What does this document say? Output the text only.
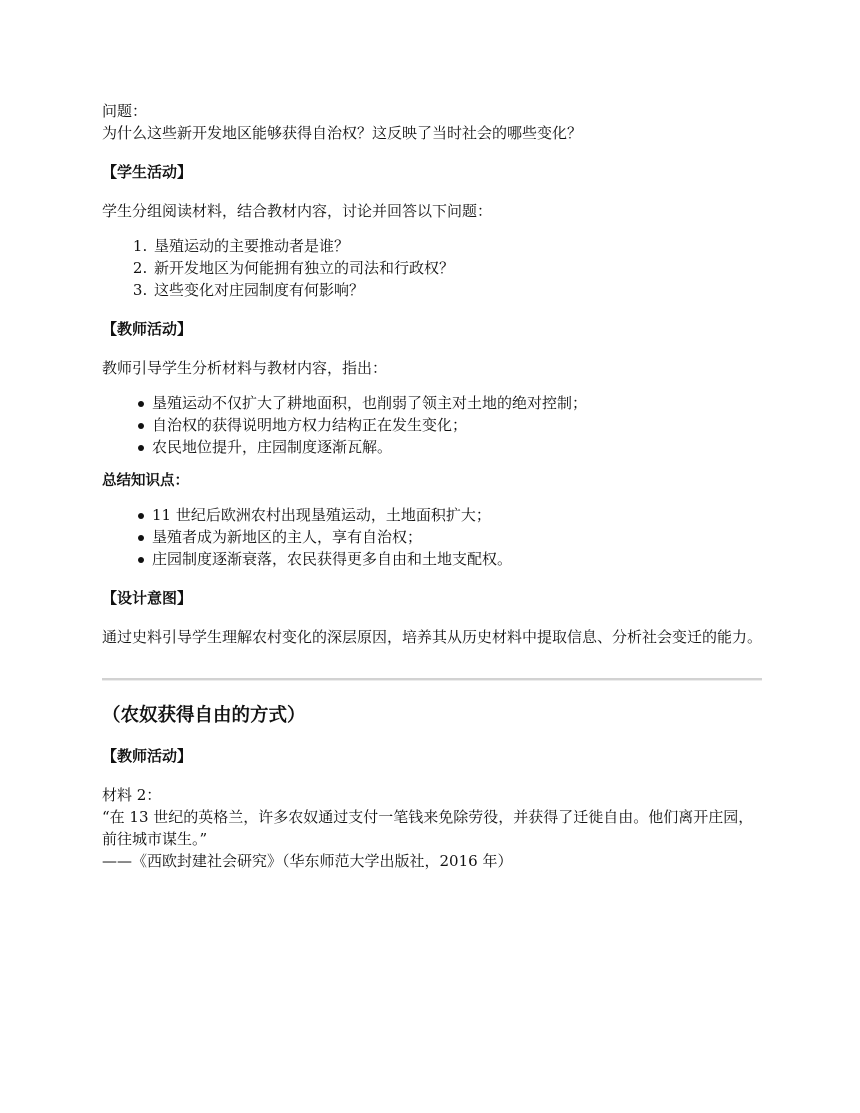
问题：

为什么这些新开发地区能够获得自治权？这反映了当时社会的哪些变化？

【学生活动】

学生分组阅读材料，结合教材内容，讨论并回答以下问题：

1. 垦殖运动的主要推动者是谁？
2. 新开发地区为何能拥有独立的司法和行政权？
3. 这些变化对庄园制度有何影响？

【教师活动】

教师引导学生分析材料与教材内容，指出：

垦殖运动不仅扩大了耕地面积，也削弱了领主对土地的绝对控制；
自治权的获得说明地方权力结构正在发生变化；
农民地位提升，庄园制度逐渐瓦解。

总结知识点：

11 世纪后欧洲农村出现垦殖运动，土地面积扩大；
垦殖者成为新地区的主人，享有自治权；
庄园制度逐渐衰落，农民获得更多自由和土地支配权。

【设计意图】

通过史料引导学生理解农村变化的深层原因，培养其从历史材料中提取信息、分析社会变迁的能力。

（农奴获得自由的方式）

【教师活动】

材料 2：

“在 13 世纪的英格兰，许多农奴通过支付一笔钱来免除劳役，并获得了迁徙自由。他们离开庄园，前往城市谋生。”

——《西欧封建社会研究》（华东师范大学出版社，2016 年）
